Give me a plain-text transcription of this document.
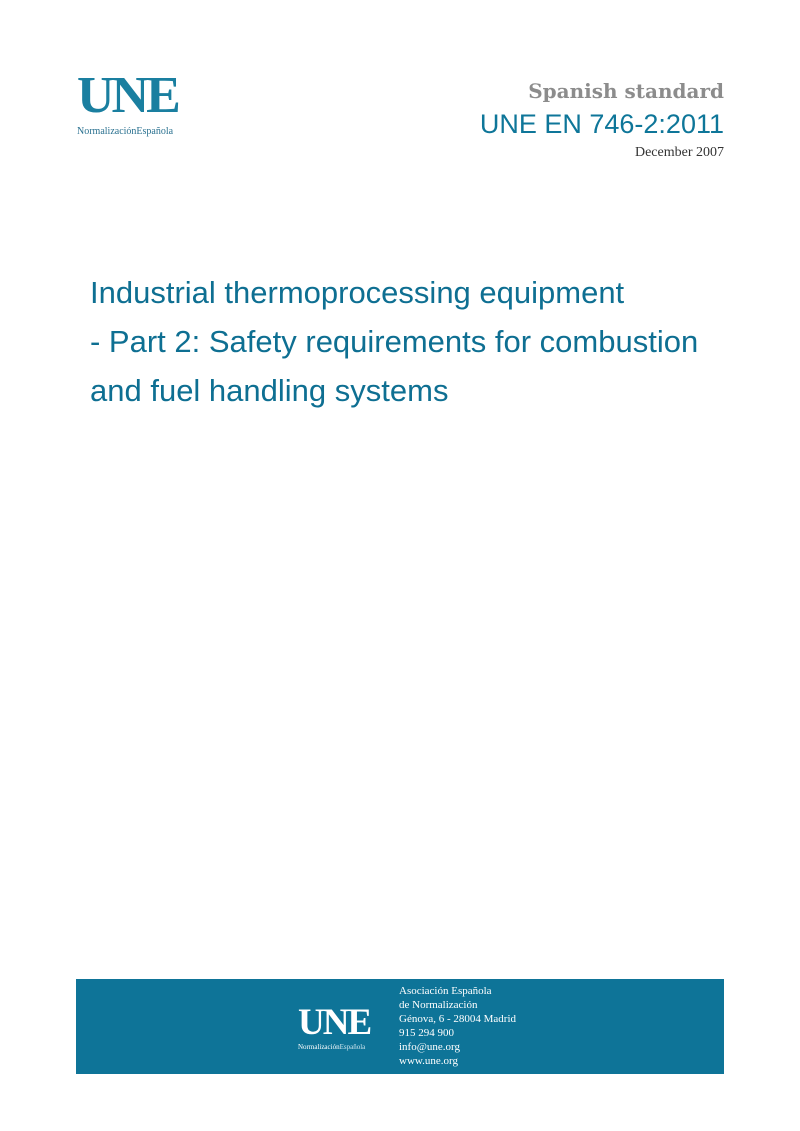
UNE
NormalizaciónEspañola
Spanish standard
UNE EN 746-2:2011
December 2007
Industrial thermoprocessing equipment
- Part 2: Safety requirements for combustion
and fuel handling systems
UNE
NormalizaciónEspañola
Asociación Española
de Normalización
Génova, 6 - 28004 Madrid
915 294 900
info@une.org
www.une.org
